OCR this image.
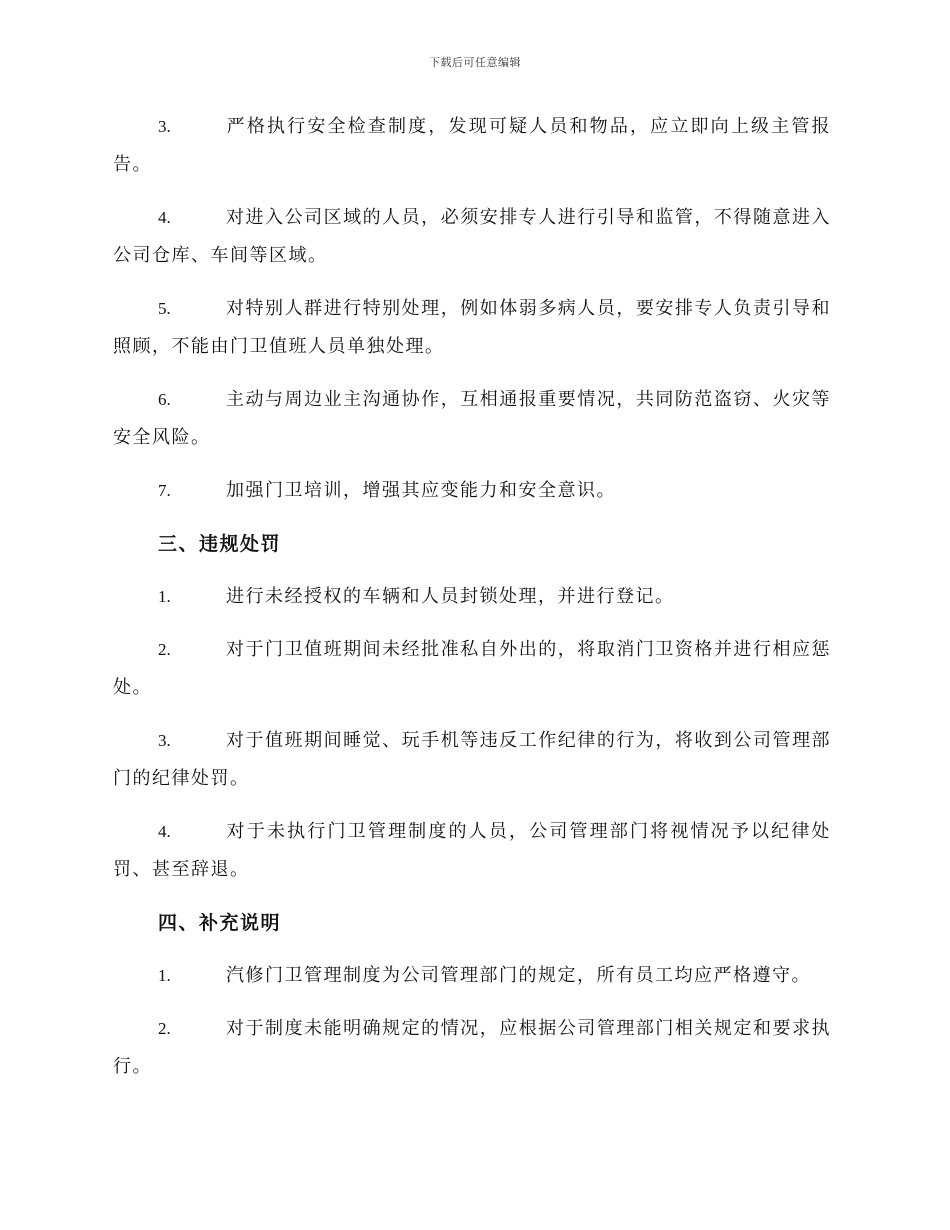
下载后可任意编辑

3.	严格执行安全检查制度，发现可疑人员和物品，应立即向上级主管报告。

4.	对进入公司区域的人员，必须安排专人进行引导和监管，不得随意进入公司仓库、车间等区域。

5.	对特别人群进行特别处理，例如体弱多病人员，要安排专人负责引导和照顾，不能由门卫值班人员单独处理。

6.	主动与周边业主沟通协作，互相通报重要情况，共同防范盗窃、火灾等安全风险。

7.	加强门卫培训，增强其应变能力和安全意识。

三、违规处罚

1.	进行未经授权的车辆和人员封锁处理，并进行登记。

2.	对于门卫值班期间未经批准私自外出的，将取消门卫资格并进行相应惩处。

3.	对于值班期间睡觉、玩手机等违反工作纪律的行为，将收到公司管理部门的纪律处罚。

4.	对于未执行门卫管理制度的人员，公司管理部门将视情况予以纪律处罚、甚至辞退。

四、补充说明

1.	汽修门卫管理制度为公司管理部门的规定，所有员工均应严格遵守。

2.	对于制度未能明确规定的情况，应根据公司管理部门相关规定和要求执行。
